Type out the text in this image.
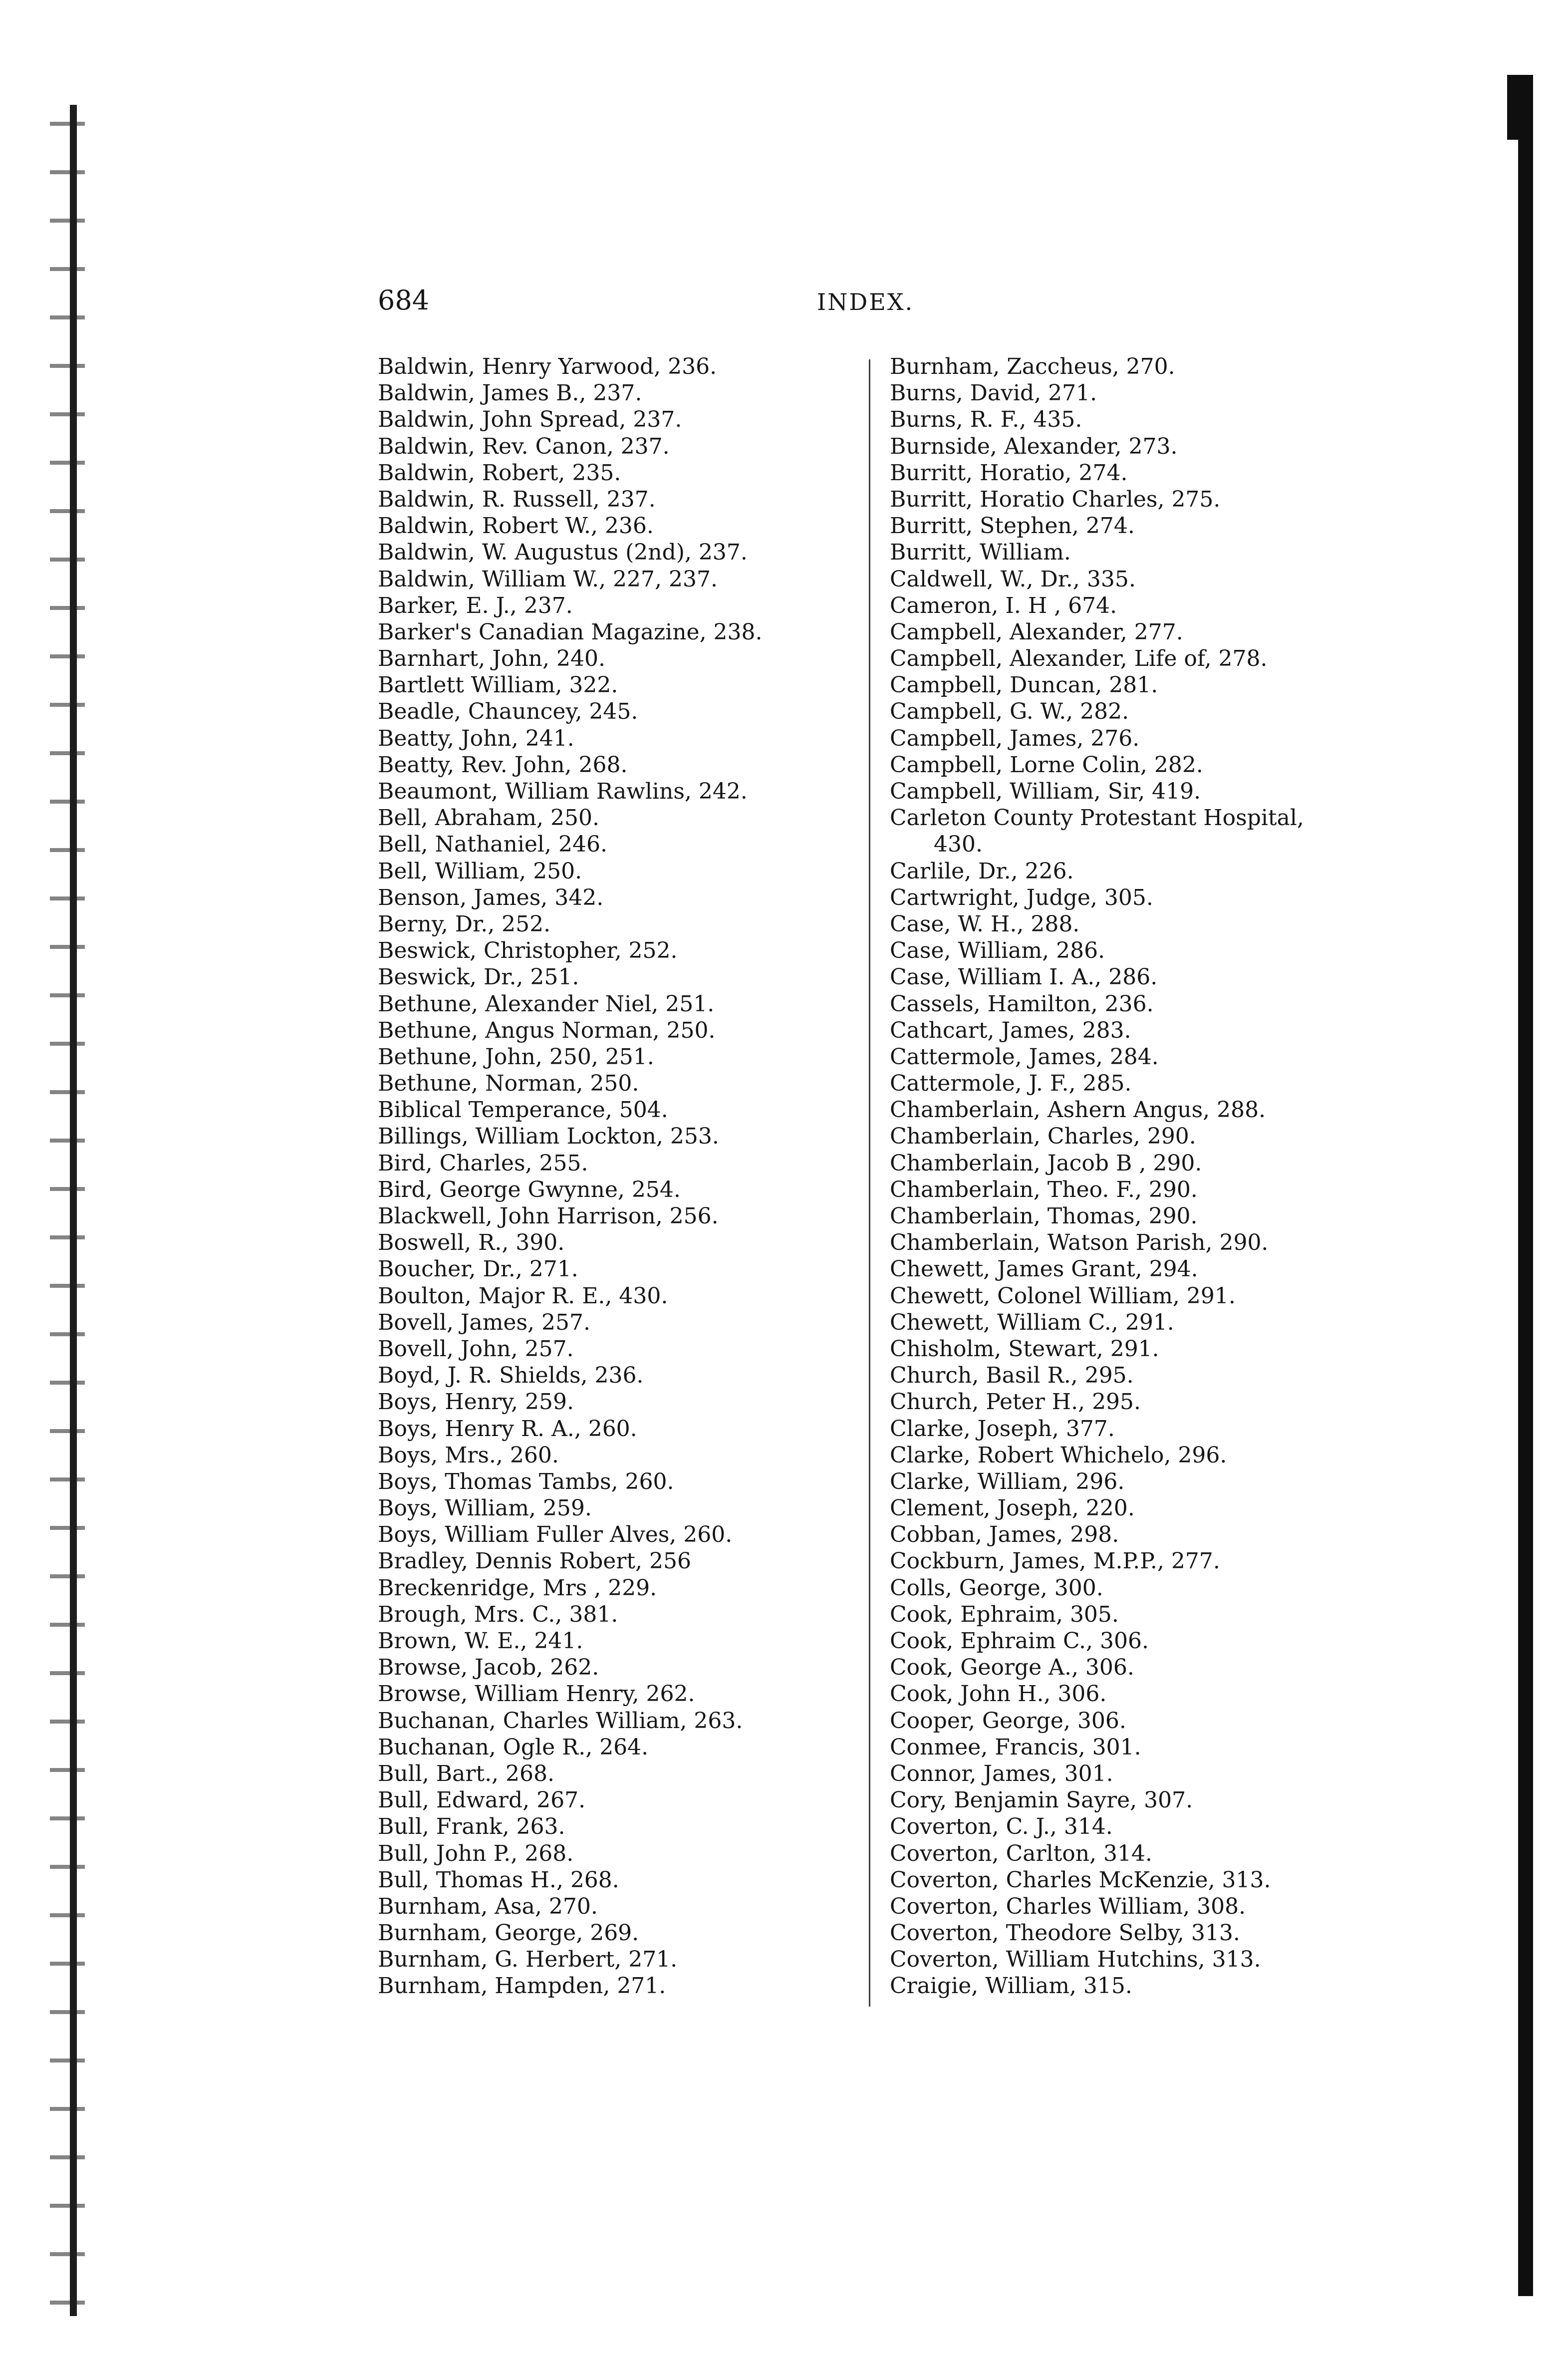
684	INDEX.
Baldwin, Henry Yarwood, 236.
Baldwin, James B., 237.
Baldwin, John Spread, 237.
Baldwin, Rev. Canon, 237.
Baldwin, Robert, 235.
Baldwin, R. Russell, 237.
Baldwin, Robert W., 236.
Baldwin, W. Augustus (2nd), 237.
Baldwin, William W., 227, 237.
Barker, E. J., 237.
Barker's Canadian Magazine, 238.
Barnhart, John, 240.
Bartlett William, 322.
Beadle, Chauncey, 245.
Beatty, John, 241.
Beatty, Rev. John, 268.
Beaumont, William Rawlins, 242.
Bell, Abraham, 250.
Bell, Nathaniel, 246.
Bell, William, 250.
Benson, James, 342.
Berny, Dr., 252.
Beswick, Christopher, 252.
Beswick, Dr., 251.
Bethune, Alexander Niel, 251.
Bethune, Angus Norman, 250.
Bethune, John, 250, 251.
Bethune, Norman, 250.
Biblical Temperance, 504.
Billings, William Lockton, 253.
Bird, Charles, 255.
Bird, George Gwynne, 254.
Blackwell, John Harrison, 256.
Boswell, R., 390.
Boucher, Dr., 271.
Boulton, Major R. E., 430.
Bovell, James, 257.
Bovell, John, 257.
Boyd, J. R. Shields, 236.
Boys, Henry, 259.
Boys, Henry R. A., 260.
Boys, Mrs., 260.
Boys, Thomas Tambs, 260.
Boys, William, 259.
Boys, William Fuller Alves, 260.
Bradley, Dennis Robert, 256
Breckenridge, Mrs , 229.
Brough, Mrs. C., 381.
Brown, W. E., 241.
Browse, Jacob, 262.
Browse, William Henry, 262.
Buchanan, Charles William, 263.
Buchanan, Ogle R., 264.
Bull, Bart., 268.
Bull, Edward, 267.
Bull, Frank, 263.
Bull, John P., 268.
Bull, Thomas H., 268.
Burnham, Asa, 270.
Burnham, George, 269.
Burnham, G. Herbert, 271.
Burnham, Hampden, 271.
Burnham, Zaccheus, 270.
Burns, David, 271.
Burns, R. F., 435.
Burnside, Alexander, 273.
Burritt, Horatio, 274.
Burritt, Horatio Charles, 275.
Burritt, Stephen, 274.
Burritt, William.
Caldwell, W., Dr., 335.
Cameron, I. H , 674.
Campbell, Alexander, 277.
Campbell, Alexander, Life of, 278.
Campbell, Duncan, 281.
Campbell, G. W., 282.
Campbell, James, 276.
Campbell, Lorne Colin, 282.
Campbell, William, Sir, 419.
Carleton County Protestant Hospital,
430.
Carlile, Dr., 226.
Cartwright, Judge, 305.
Case, W. H., 288.
Case, William, 286.
Case, William I. A., 286.
Cassels, Hamilton, 236.
Cathcart, James, 283.
Cattermole, James, 284.
Cattermole, J. F., 285.
Chamberlain, Ashern Angus, 288.
Chamberlain, Charles, 290.
Chamberlain, Jacob B , 290.
Chamberlain, Theo. F., 290.
Chamberlain, Thomas, 290.
Chamberlain, Watson Parish, 290.
Chewett, James Grant, 294.
Chewett, Colonel William, 291.
Chewett, William C., 291.
Chisholm, Stewart, 291.
Church, Basil R., 295.
Church, Peter H., 295.
Clarke, Joseph, 377.
Clarke, Robert Whichelo, 296.
Clarke, William, 296.
Clement, Joseph, 220.
Cobban, James, 298.
Cockburn, James, M.P.P., 277.
Colls, George, 300.
Cook, Ephraim, 305.
Cook, Ephraim C., 306.
Cook, George A., 306.
Cook, John H., 306.
Cooper, George, 306.
Conmee, Francis, 301.
Connor, James, 301.
Cory, Benjamin Sayre, 307.
Coverton, C. J., 314.
Coverton, Carlton, 314.
Coverton, Charles McKenzie, 313.
Coverton, Charles William, 308.
Coverton, Theodore Selby, 313.
Coverton, William Hutchins, 313.
Craigie, William, 315.
